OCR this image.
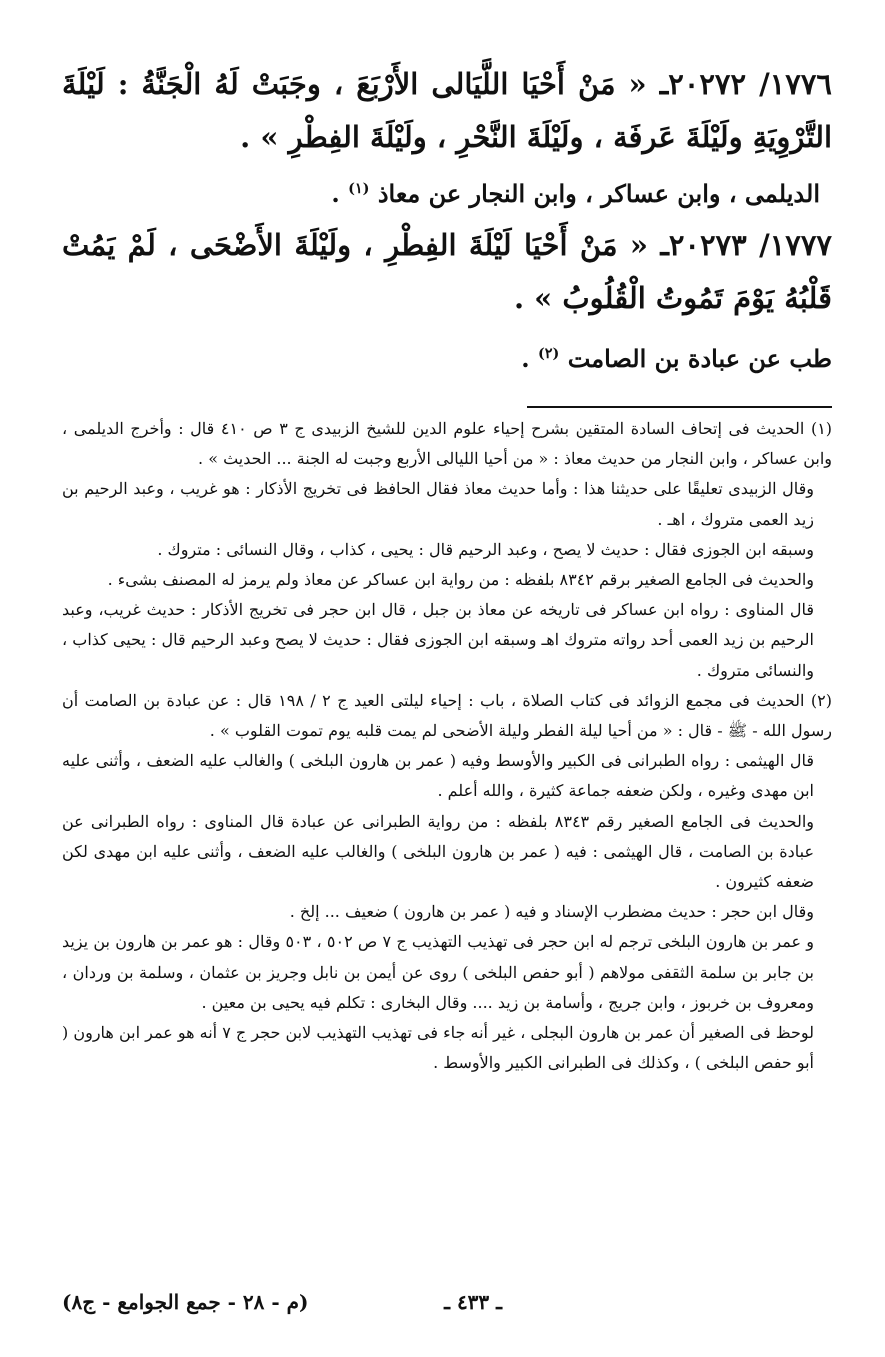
١٧٧٦/ ٢٠٢٧٢ـ « مَنْ أَحْيَا اللَّيَالى الأَرْبَعَ ، وجَبَتْ لَهُ الْجَنَّةُ : لَيْلَةَ التَّرْوِيَةِ ولَيْلَةَ عَرفَة ، ولَيْلَةَ النَّحْرِ ، ولَيْلَةَ الفِطْرِ » .

الديلمى ، وابن عساكر ، وابن النجار عن معاذ $^{(١)}$ .

١٧٧٧/ ٢٠٢٧٣ـ « مَنْ أَحْيَا لَيْلَةَ الفِطْرِ ، ولَيْلَةَ الأَضْحَى ، لَمْ يَمُتْ قَلْبُهُ يَوْمَ تَمُوتُ الْقُلُوبُ » .

طب عن عبادة بن الصامت $^{(٢)}$ .

(١) الحديث فى إتحاف السادة المتقين بشرح إحياء علوم الدين للشيخ الزبيدى ج ٣ ص ٤١٠ قال : وأخرج الديلمى ، وابن عساكر ، وابن النجار من حديث معاذ : « من أحيا الليالى الأربع وجبت له الجنة ... الحديث » .

وقال الزبيدى تعليقًا على حديثنا هذا : وأما حديث معاذ فقال الحافظ فى تخريج الأذكار : هو غريب ، وعبد الرحيم بن زيد العمى متروك ، اهـ .

وسبقه ابن الجوزى فقال : حديث لا يصح ، وعبد الرحيم قال : يحيى ، كذاب ، وقال النسائى : متروك .

والحديث فى الجامع الصغير برقم ٨٣٤٢ بلفظه : من رواية ابن عساكر عن معاذ ولم يرمز له المصنف بشىء .

قال المناوى : رواه ابن عساكر فى تاريخه عن معاذ بن جبل ، قال ابن حجر فى تخريج الأذكار : حديث غريب، وعبد الرحيم بن زيد العمى أحد رواته متروك اهـ وسبقه ابن الجوزى فقال : حديث لا يصح وعبد الرحيم قال : يحيى كذاب ، والنسائى متروك .

(٢) الحديث فى مجمع الزوائد فى كتاب الصلاة ، باب : إحياء ليلتى العيد ج ٢ / ١٩٨ قال : عن عبادة بن الصامت أن رسول الله - ﷺ - قال : « من أحيا ليلة الفطر وليلة الأضحى لم يمت قلبه يوم تموت القلوب » .

قال الهيثمى : رواه الطبرانى فى الكبير والأوسط وفيه ( عمر بن هارون البلخى ) والغالب عليه الضعف ، وأثنى عليه ابن مهدى وغيره ، ولكن ضعفه جماعة كثيرة ، والله أعلم .

والحديث فى الجامع الصغير رقم ٨٣٤٣ بلفظه : من رواية الطبرانى عن عبادة قال المناوى : رواه الطبرانى عن عبادة بن الصامت ، قال الهيثمى : فيه ( عمر بن هارون البلخى ) والغالب عليه الضعف ، وأثنى عليه ابن مهدى لكن ضعفه كثيرون .

وقال ابن حجر : حديث مضطرب الإسناد و فيه ( عمر بن هارون ) ضعيف ... إلخ .

و عمر بن هارون البلخى ترجم له ابن حجر فى تهذيب التهذيب ج ٧ ص ٥٠٢ ، ٥٠٣ وقال : هو عمر بن هارون بن يزيد بن جابر بن سلمة الثقفى مولاهم ( أبو حفص البلخى ) روى عن أيمن بن نابل وجريز بن عثمان ، وسلمة بن وردان ، ومعروف بن خربوز ، وابن جريج ، وأسامة بن زيد .... وقال البخارى : تكلم فيه يحيى بن معين .

لوحظ فى الصغير أن عمر بن هارون البجلى ، غير أنه جاء فى تهذيب التهذيب لابن حجر ج ٧ أنه هو عمر ابن هارون ( أبو حفص البلخى ) ، وكذلك فى الطبرانى الكبير والأوسط .

ـ ٤٣٣ ـ
(م - ٢٨ - جمع الجوامع - ج٨)
